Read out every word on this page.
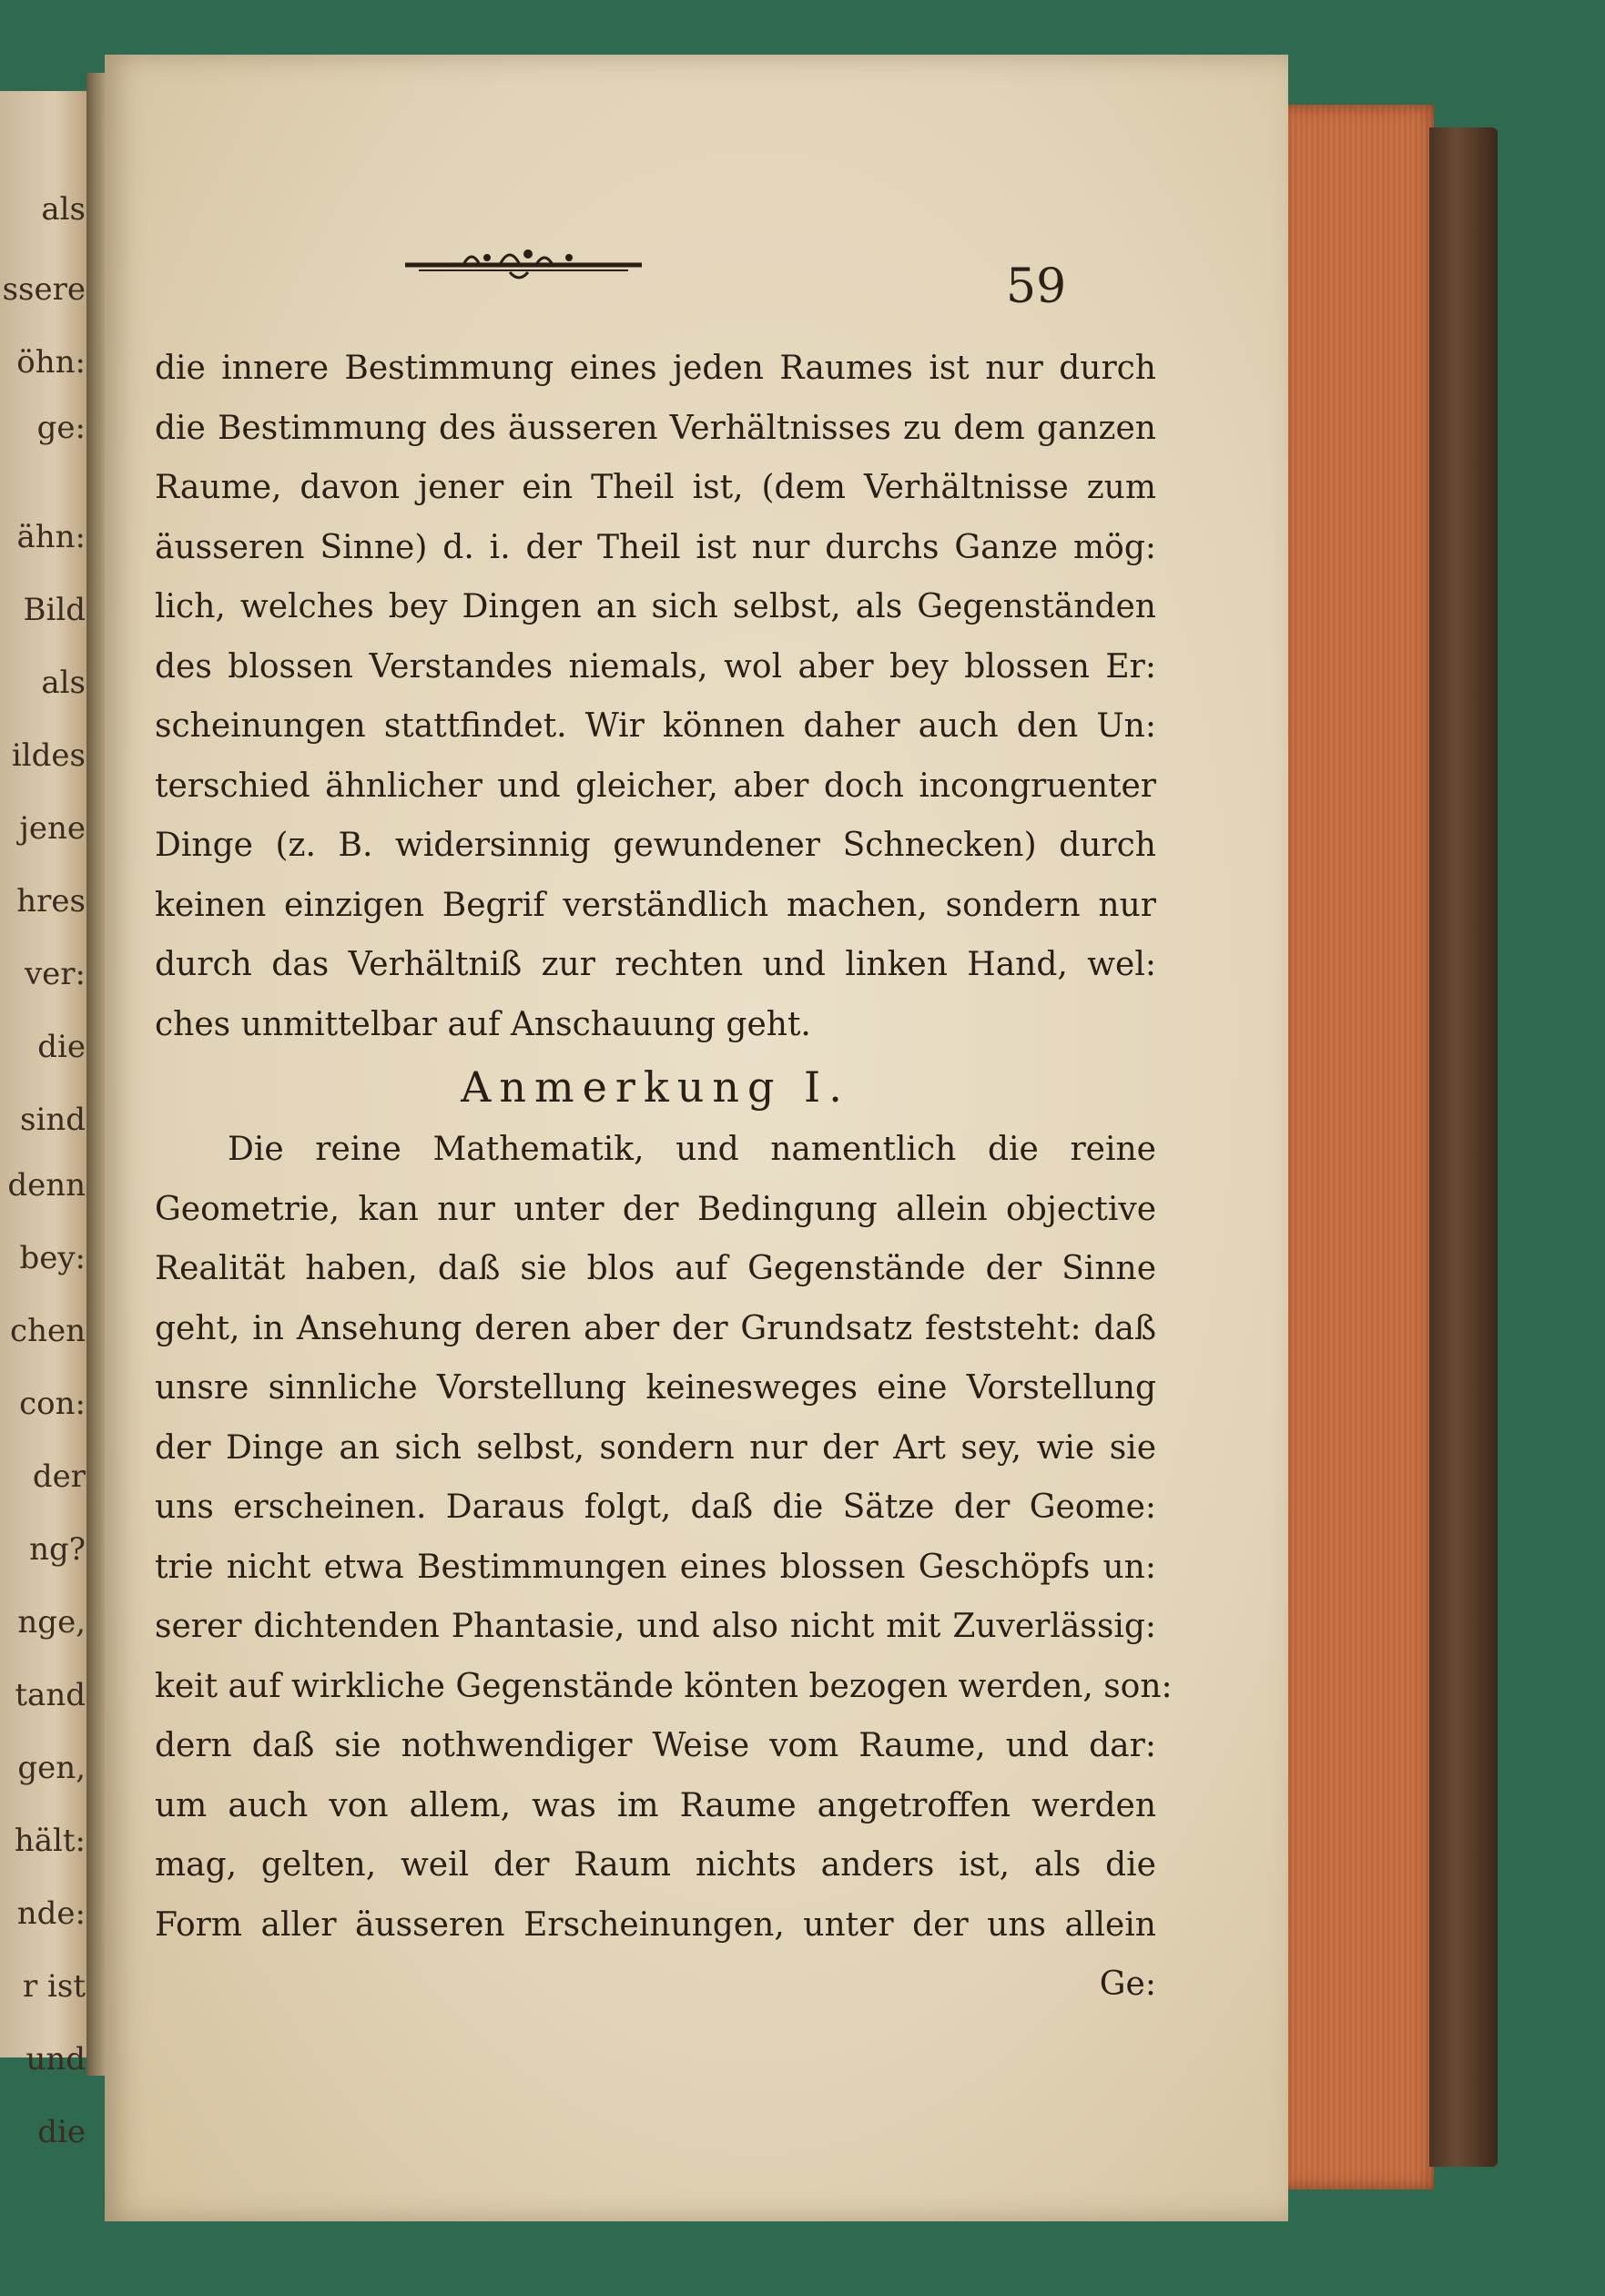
als
ssere
öhn:
ge:
ähn:
Bild
als
ildes
jene
hres
ver:
die
sind
denn
bey:
chen
con:
der
ng?
nge,
tand
gen,
hält:
nde:
r ist
und
die
59
die innere Bestimmung eines jeden Raumes ist nur durch
die Bestimmung des äusseren Verhältnisses zu dem ganzen
Raume, davon jener ein Theil ist, (dem Verhältnisse zum
äusseren Sinne) d. i. der Theil ist nur durchs Ganze mög:
lich, welches bey Dingen an sich selbst, als Gegenständen
des blossen Verstandes niemals, wol aber bey blossen Er:
scheinungen stattfindet. Wir können daher auch den Un:
terschied ähnlicher und gleicher, aber doch incongruenter
Dinge (z. B. widersinnig gewundener Schnecken) durch
keinen einzigen Begrif verständlich machen, sondern nur
durch das Verhältniß zur rechten und linken Hand, wel:
ches unmittelbar auf Anschauung geht.
Anmerkung I.
Die reine Mathematik, und namentlich die reine
Geometrie, kan nur unter der Bedingung allein objective
Realität haben, daß sie blos auf Gegenstände der Sinne
geht, in Ansehung deren aber der Grundsatz feststeht: daß
unsre sinnliche Vorstellung keinesweges eine Vorstellung
der Dinge an sich selbst, sondern nur der Art sey, wie sie
uns erscheinen. Daraus folgt, daß die Sätze der Geome:
trie nicht etwa Bestimmungen eines blossen Geschöpfs un:
serer dichtenden Phantasie, und also nicht mit Zuverlässig:
keit auf wirkliche Gegenstände könten bezogen werden, son:
dern daß sie nothwendiger Weise vom Raume, und dar:
um auch von allem, was im Raume angetroffen werden
mag, gelten, weil der Raum nichts anders ist, als die
Form aller äusseren Erscheinungen, unter der uns allein
Ge:
